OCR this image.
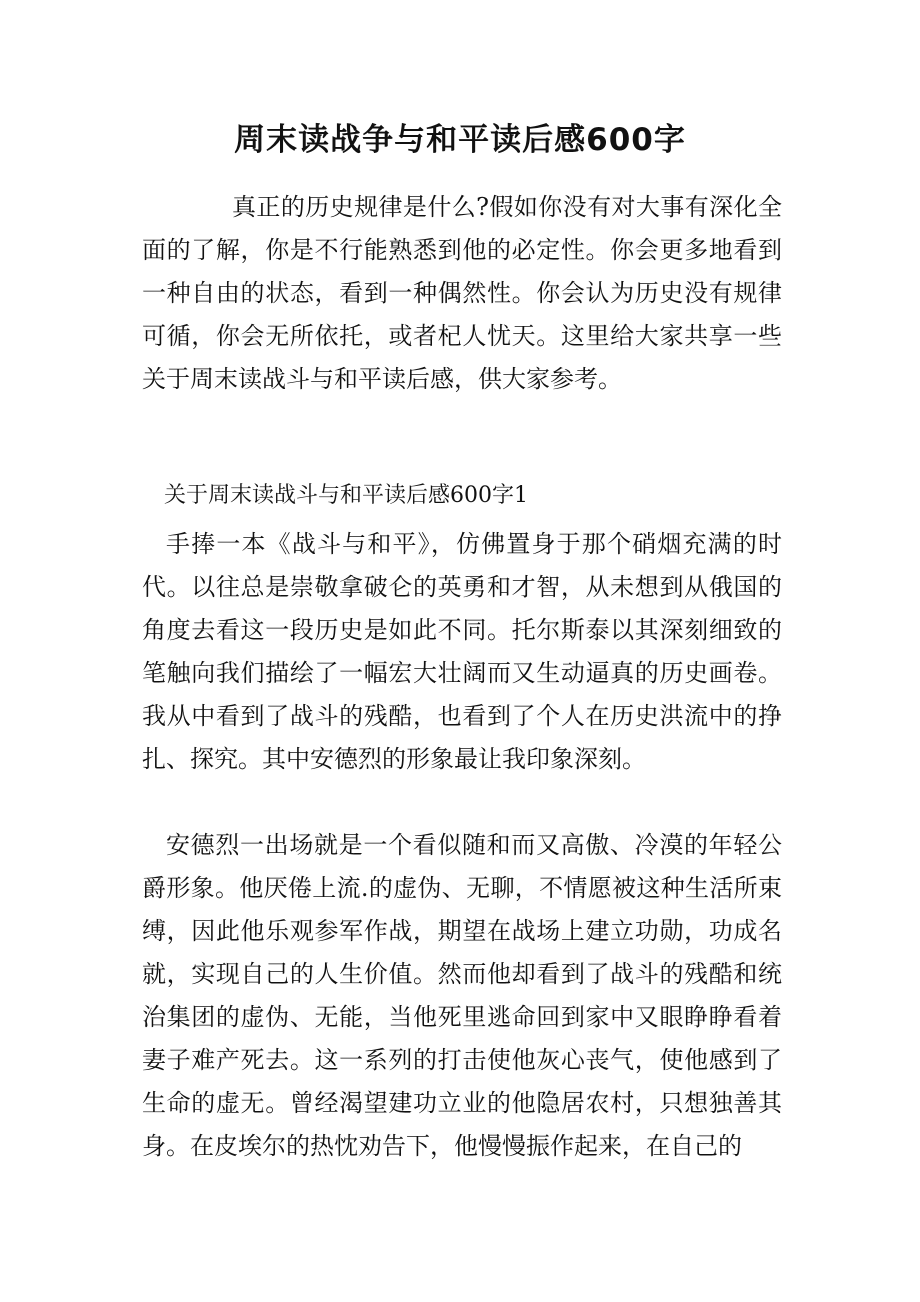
周末读战争与和平读后感600字

真正的历史规律是什么?假如你没有对大事有深化全面的了解，你是不行能熟悉到他的必定性。你会更多地看到一种自由的状态，看到一种偶然性。你会认为历史没有规律可循，你会无所依托，或者杞人忧天。这里给大家共享一些关于周末读战斗与和平读后感，供大家参考。

关于周末读战斗与和平读后感600字1

手捧一本《战斗与和平》，仿佛置身于那个硝烟充满的时代。以往总是崇敬拿破仑的英勇和才智，从未想到从俄国的角度去看这一段历史是如此不同。托尔斯泰以其深刻细致的笔触向我们描绘了一幅宏大壮阔而又生动逼真的历史画卷。我从中看到了战斗的残酷，也看到了个人在历史洪流中的挣扎、探究。其中安德烈的形象最让我印象深刻。

安德烈一出场就是一个看似随和而又高傲、冷漠的年轻公爵形象。他厌倦上流.的虚伪、无聊，不情愿被这种生活所束缚，因此他乐观参军作战，期望在战场上建立功勋，功成名就，实现自己的人生价值。然而他却看到了战斗的残酷和统治集团的虚伪、无能，当他死里逃命回到家中又眼睁睁看着妻子难产死去。这一系列的打击使他灰心丧气，使他感到了生命的虚无。曾经渴望建功立业的他隐居农村，只想独善其身。在皮埃尔的热忱劝告下，他慢慢振作起来，在自己的
